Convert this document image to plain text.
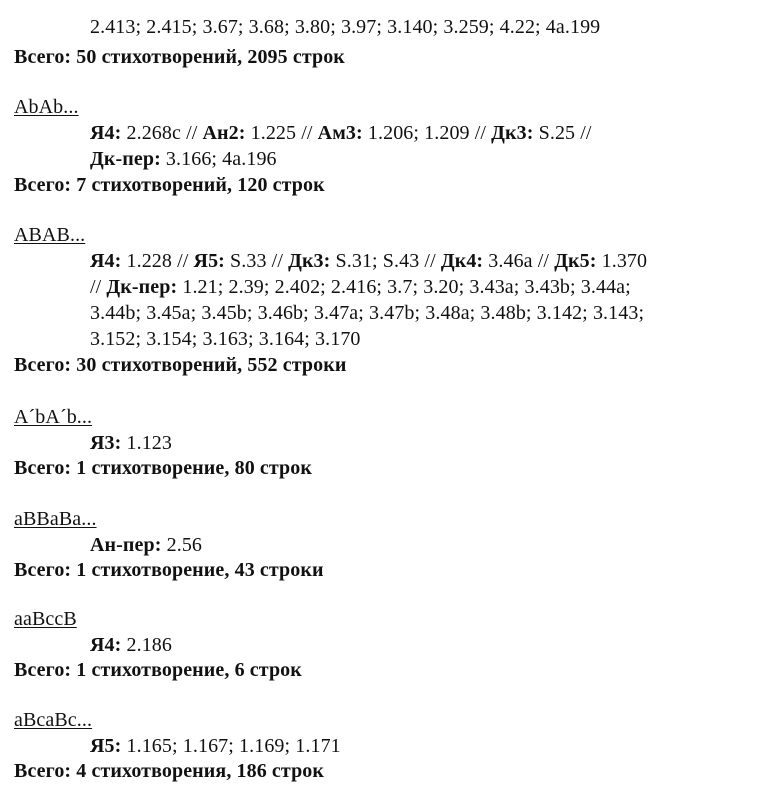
2.413; 2.415; 3.67; 3.68; 3.80; 3.97; 3.140; 3.259; 4.22; 4a.199
Всего: 50 стихотворений, 2095 строк
AbAb...
Я4: 2.268c // Ан2: 1.225 // Ам3: 1.206; 1.209 // Дк3: S.25 //
Дк-пер: 3.166; 4a.196
Всего: 7 стихотворений, 120 строк
ABAB...
Я4: 1.228 // Я5: S.33 // Дк3: S.31; S.43 // Дк4: 3.46a // Дк5: 1.370
// Дк-пер: 1.21; 2.39; 2.402; 2.416; 3.7; 3.20; 3.43a; 3.43b; 3.44a;
3.44b; 3.45a; 3.45b; 3.46b; 3.47a; 3.47b; 3.48a; 3.48b; 3.142; 3.143;
3.152; 3.154; 3.163; 3.164; 3.170
Всего: 30 стихотворений, 552 строки
A´bA´b...
Я3: 1.123
Всего: 1 стихотворение, 80 строк
aBBaBa...
Ан-пер: 2.56
Всего: 1 стихотворение, 43 строки
aaBccB
Я4: 2.186
Всего: 1 стихотворение, 6 строк
aBcaBc...
Я5: 1.165; 1.167; 1.169; 1.171
Всего: 4 стихотворения, 186 строк
